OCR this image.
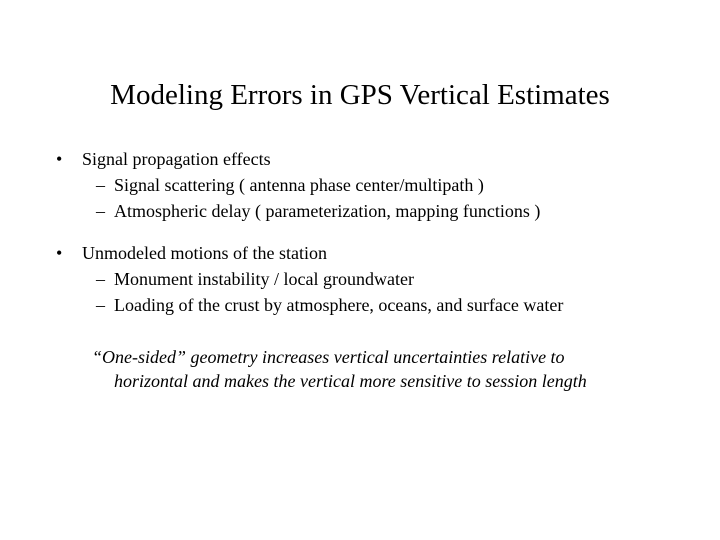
Modeling Errors in GPS Vertical Estimates
• Signal propagation effects
– Signal scattering ( antenna phase center/multipath )
– Atmospheric delay ( parameterization, mapping functions )
• Unmodeled motions of the station
– Monument instability / local groundwater
– Loading of the crust by atmosphere, oceans, and surface water
“One-sided” geometry increases vertical uncertainties relative to
horizontal and makes the vertical more sensitive to session length
